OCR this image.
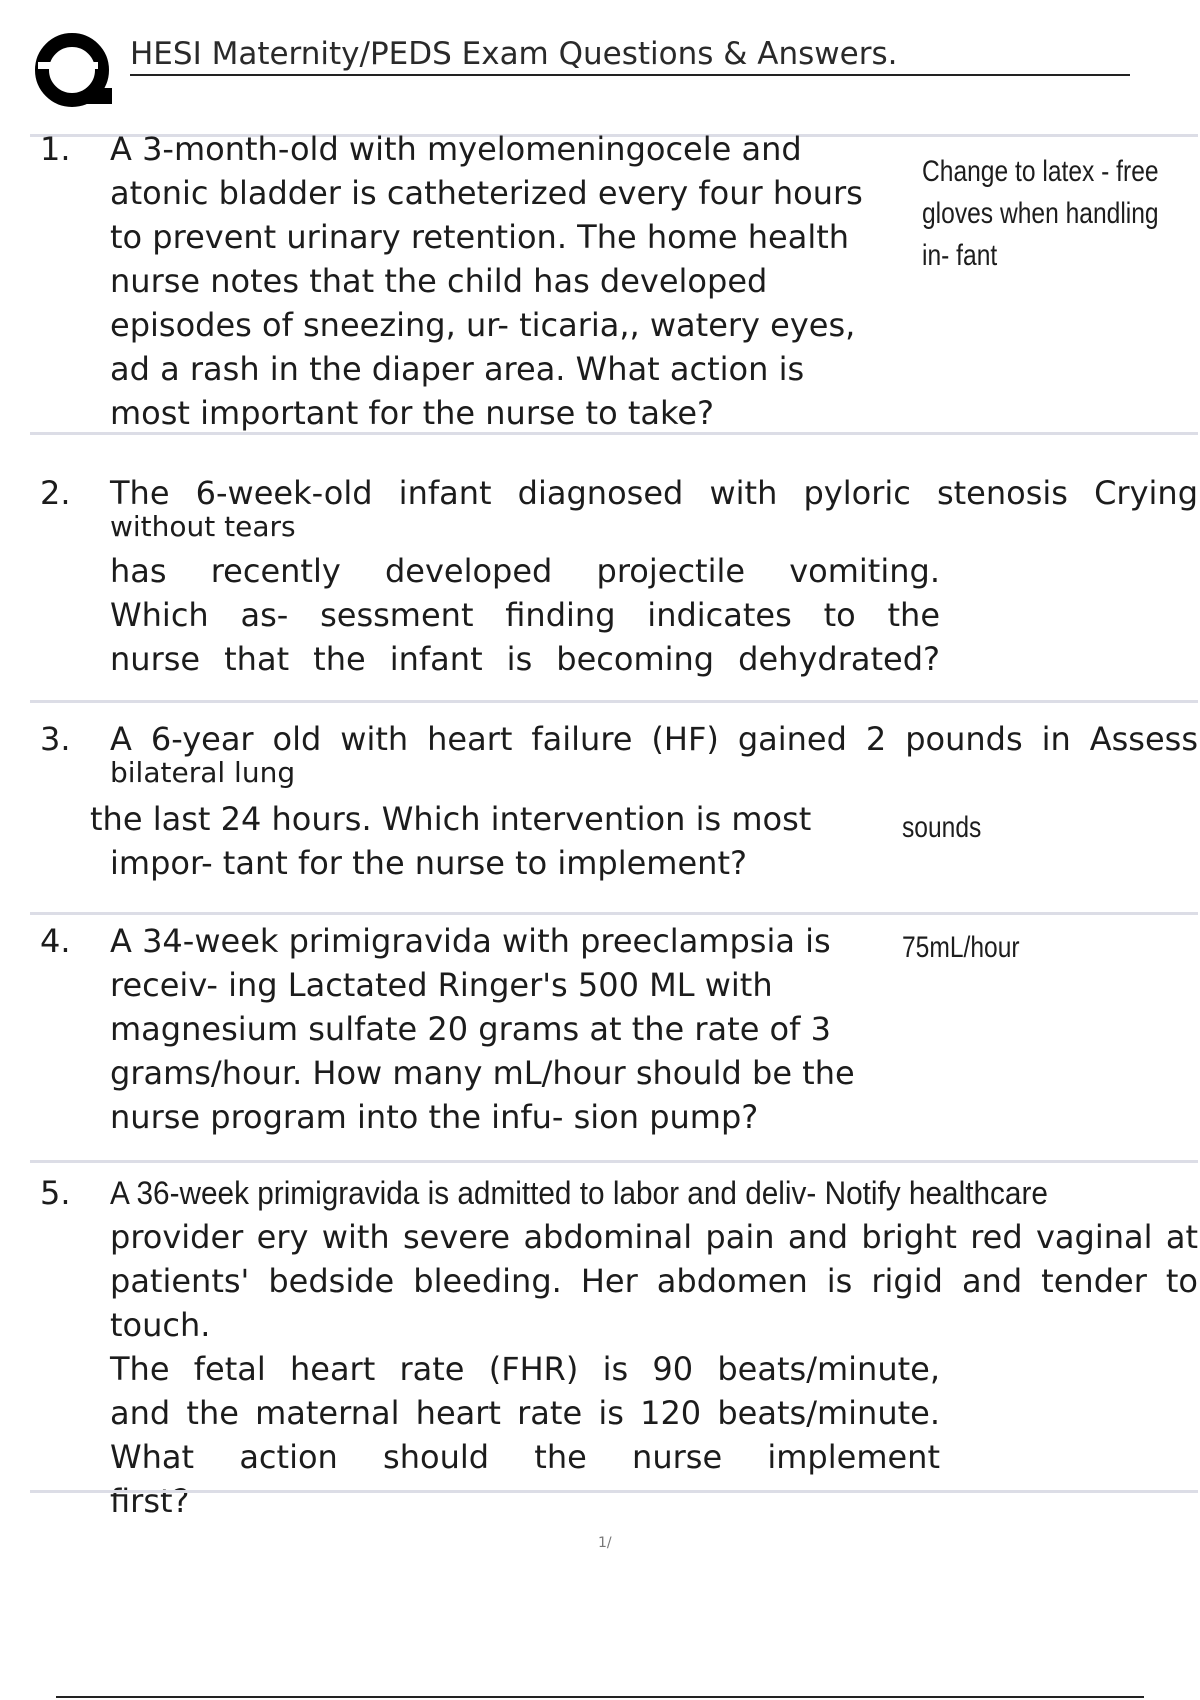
HESI Maternity/PEDS Exam Questions & Answers.
1. A 3-month-old with myelomeningocele and
atonic bladder is catheterized every four hours
to prevent urinary retention. The home health
nurse notes that the child has developed
episodes of sneezing, ur- ticaria,, watery eyes,
ad a rash in the diaper area. What action is
most important for the nurse to take?
Change to latex - free
gloves when handling
in- fant
2. The 6-week-old infant diagnosed with pyloric stenosis Crying
without tears
has recently developed projectile vomiting.
Which as- sessment finding indicates to the
nurse that the infant is becoming dehydrated?
3. A 6-year old with heart failure (HF) gained 2 pounds in Assess
bilateral lung
the last 24 hours. Which intervention is most	sounds
impor- tant for the nurse to implement?
4. A 34-week primigravida with preeclampsia is
receiv- ing Lactated Ringer's 500 ML with
magnesium sulfate 20 grams at the rate of 3
grams/hour. How many mL/hour should be the
nurse program into the infu- sion pump?
75mL/hour
5. A 36-week primigravida is admitted to labor and deliv- Notify healthcare
provider ery with severe abdominal pain and bright red vaginal at
patients' bedside bleeding. Her abdomen is rigid and tender to
touch.
The fetal heart rate (FHR) is 90 beats/minute,
and the maternal heart rate is 120 beats/minute.
What action should the nurse implement
first?
1/
